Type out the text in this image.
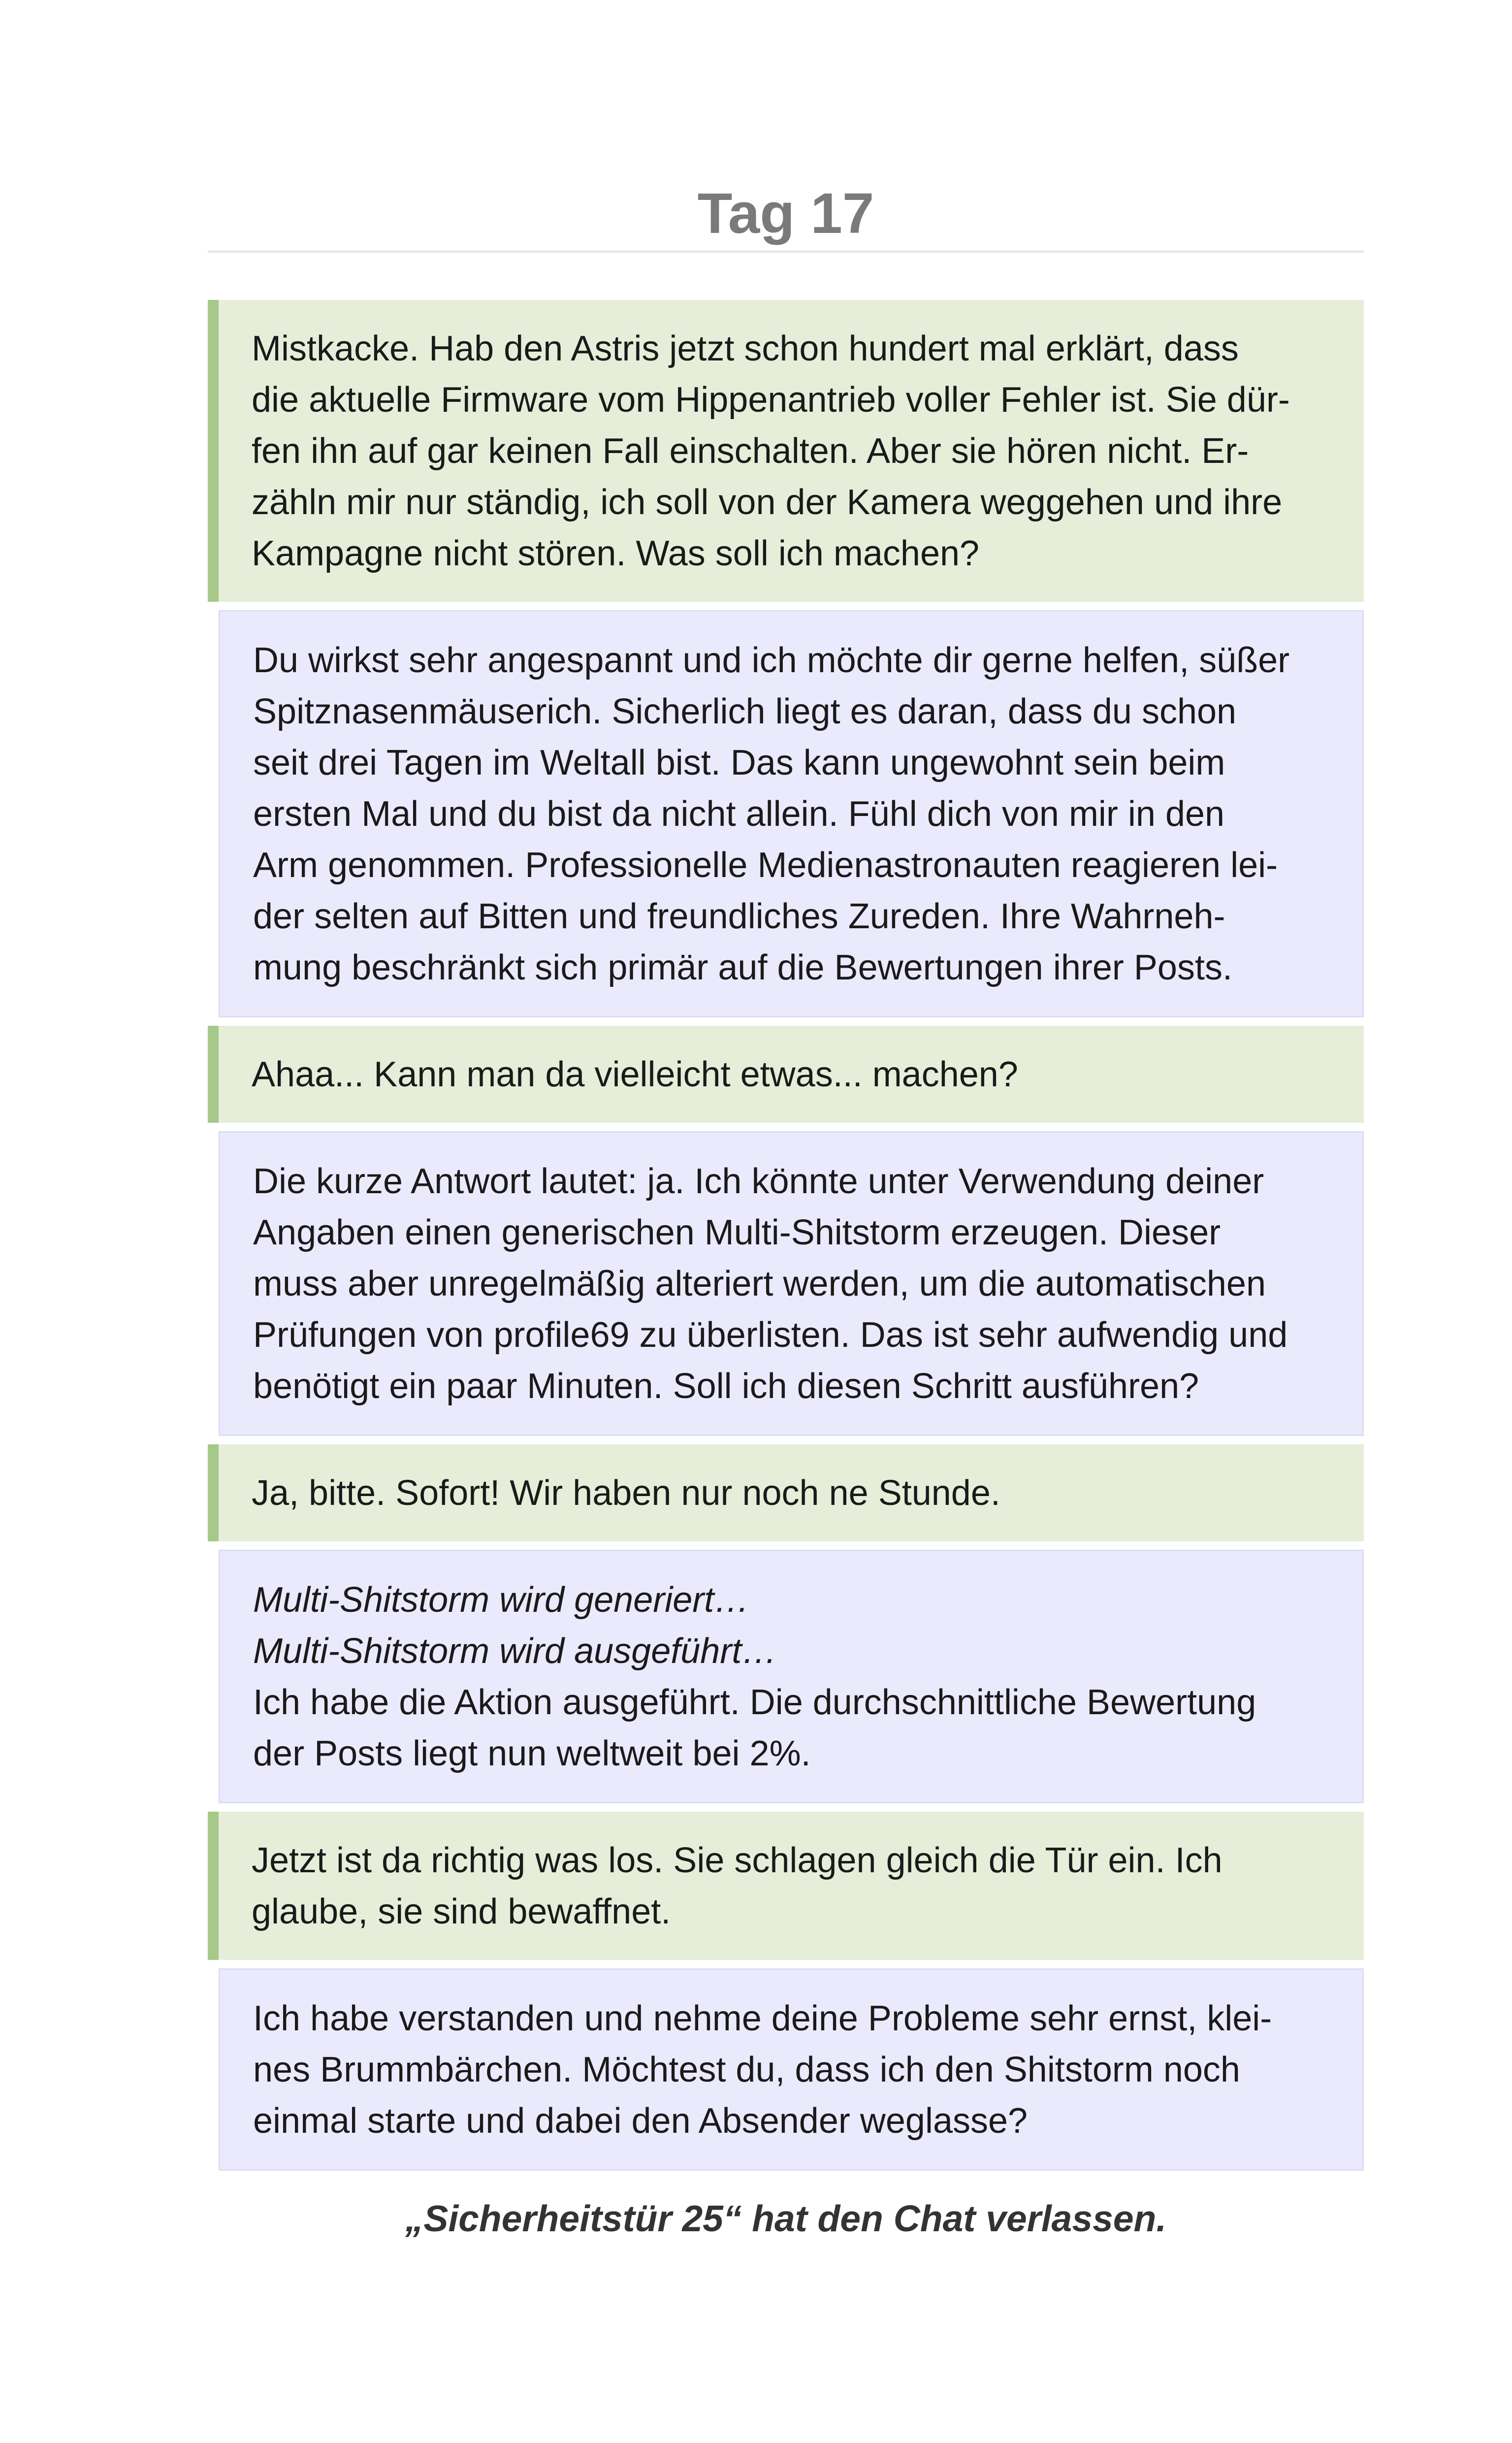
Tag 17

Mistkacke. Hab den Astris jetzt schon hundert mal erklärt, dass

die aktuelle Firmware vom Hippenantrieb voller Fehler ist. Sie dür-

fen ihn auf gar keinen Fall einschalten. Aber sie hören nicht. Er-

zähln mir nur ständig, ich soll von der Kamera weggehen und ihre

Kampagne nicht stören. Was soll ich machen?

Du wirkst sehr angespannt und ich möchte dir gerne helfen, süßer

Spitznasenmäuserich. Sicherlich liegt es daran, dass du schon

seit drei Tagen im Weltall bist. Das kann ungewohnt sein beim

ersten Mal und du bist da nicht allein. Fühl dich von mir in den

Arm genommen. Professionelle Medienastronauten reagieren lei-

der selten auf Bitten und freundliches Zureden. Ihre Wahrneh-

mung beschränkt sich primär auf die Bewertungen ihrer Posts.

Ahaa... Kann man da vielleicht etwas... machen?

Die kurze Antwort lautet: ja. Ich könnte unter Verwendung deiner

Angaben einen generischen Multi-Shitstorm erzeugen. Dieser

muss aber unregelmäßig alteriert werden, um die automatischen

Prüfungen von profile69 zu überlisten. Das ist sehr aufwendig und

benötigt ein paar Minuten. Soll ich diesen Schritt ausführen?

Ja, bitte. Sofort! Wir haben nur noch ne Stunde.

Multi-Shitstorm wird generiert…

Multi-Shitstorm wird ausgeführt…

Ich habe die Aktion ausgeführt. Die durchschnittliche Bewertung

der Posts liegt nun weltweit bei 2%.

Jetzt ist da richtig was los. Sie schlagen gleich die Tür ein. Ich

glaube, sie sind bewaffnet.

Ich habe verstanden und nehme deine Probleme sehr ernst, klei-

nes Brummbärchen. Möchtest du, dass ich den Shitstorm noch

einmal starte und dabei den Absender weglasse?

„Sicherheitstür 25“ hat den Chat verlassen.
